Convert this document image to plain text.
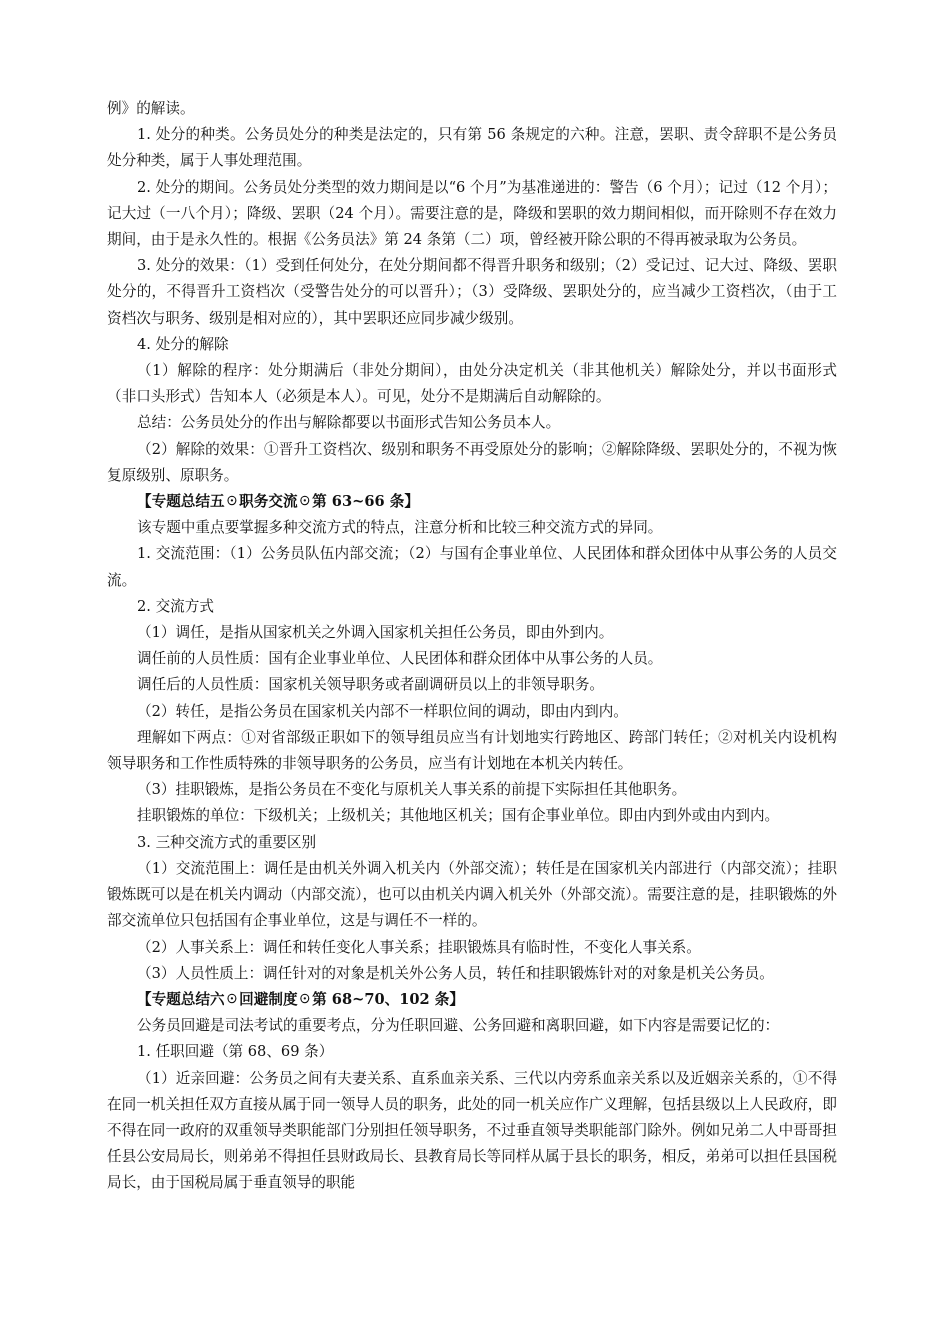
例》的解读。

1. 处分的种类。公务员处分的种类是法定的，只有第 56 条规定的六种。注意，罢职、责令辞职不是公务员处分种类，属于人事处理范围。

2. 处分的期间。公务员处分类型的效力期间是以“6 个月”为基准递进的：警告（6 个月）；记过（12 个月）；记大过（一八个月）；降级、罢职（24 个月）。需要注意的是，降级和罢职的效力期间相似，而开除则不存在效力期间，由于是永久性的。根据《公务员法》第 24 条第（二）项，曾经被开除公职的不得再被录取为公务员。

3. 处分的效果：（1）受到任何处分，在处分期间都不得晋升职务和级别；（2）受记过、记大过、降级、罢职处分的，不得晋升工资档次（受警告处分的可以晋升）；（3）受降级、罢职处分的，应当减少工资档次，（由于工资档次与职务、级别是相对应的），其中罢职还应同步减少级别。

4. 处分的解除

（1）解除的程序：处分期满后（非处分期间），由处分决定机关（非其他机关）解除处分，并以书面形式（非口头形式）告知本人（必须是本人）。可见，处分不是期满后自动解除的。

总结：公务员处分的作出与解除都要以书面形式告知公务员本人。

（2）解除的效果：①晋升工资档次、级别和职务不再受原处分的影响；②解除降级、罢职处分的，不视为恢复原级别、原职务。

【专题总结五☉职务交流☉第 63~66 条】

该专题中重点要掌握多种交流方式的特点，注意分析和比较三种交流方式的异同。

1. 交流范围：（1）公务员队伍内部交流；（2）与国有企事业单位、人民团体和群众团体中从事公务的人员交流。

2. 交流方式

（1）调任，是指从国家机关之外调入国家机关担任公务员，即由外到内。

调任前的人员性质：国有企业事业单位、人民团体和群众团体中从事公务的人员。

调任后的人员性质：国家机关领导职务或者副调研员以上的非领导职务。

（2）转任，是指公务员在国家机关内部不一样职位间的调动，即由内到内。

理解如下两点：①对省部级正职如下的领导组员应当有计划地实行跨地区、跨部门转任；②对机关内设机构领导职务和工作性质特殊的非领导职务的公务员，应当有计划地在本机关内转任。

（3）挂职锻炼，是指公务员在不变化与原机关人事关系的前提下实际担任其他职务。

挂职锻炼的单位：下级机关；上级机关；其他地区机关；国有企事业单位。即由内到外或由内到内。

3. 三种交流方式的重要区别

（1）交流范围上：调任是由机关外调入机关内（外部交流）；转任是在国家机关内部进行（内部交流）；挂职锻炼既可以是在机关内调动（内部交流），也可以由机关内调入机关外（外部交流）。需要注意的是，挂职锻炼的外部交流单位只包括国有企事业单位，这是与调任不一样的。

（2）人事关系上：调任和转任变化人事关系；挂职锻炼具有临时性，不变化人事关系。

（3）人员性质上：调任针对的对象是机关外公务人员，转任和挂职锻炼针对的对象是机关公务员。

【专题总结六☉回避制度☉第 68~70、102 条】

公务员回避是司法考试的重要考点，分为任职回避、公务回避和离职回避，如下内容是需要记忆的：

1. 任职回避（第 68、69 条）

（1）近亲回避：公务员之间有夫妻关系、直系血亲关系、三代以内旁系血亲关系以及近姻亲关系的，①不得在同一机关担任双方直接从属于同一领导人员的职务，此处的同一机关应作广义理解，包括县级以上人民政府，即不得在同一政府的双重领导类职能部门分别担任领导职务，不过垂直领导类职能部门除外。例如兄弟二人中哥哥担任县公安局局长，则弟弟不得担任县财政局长、县教育局长等同样从属于县长的职务，相反，弟弟可以担任县国税局长，由于国税局属于垂直领导的职能
